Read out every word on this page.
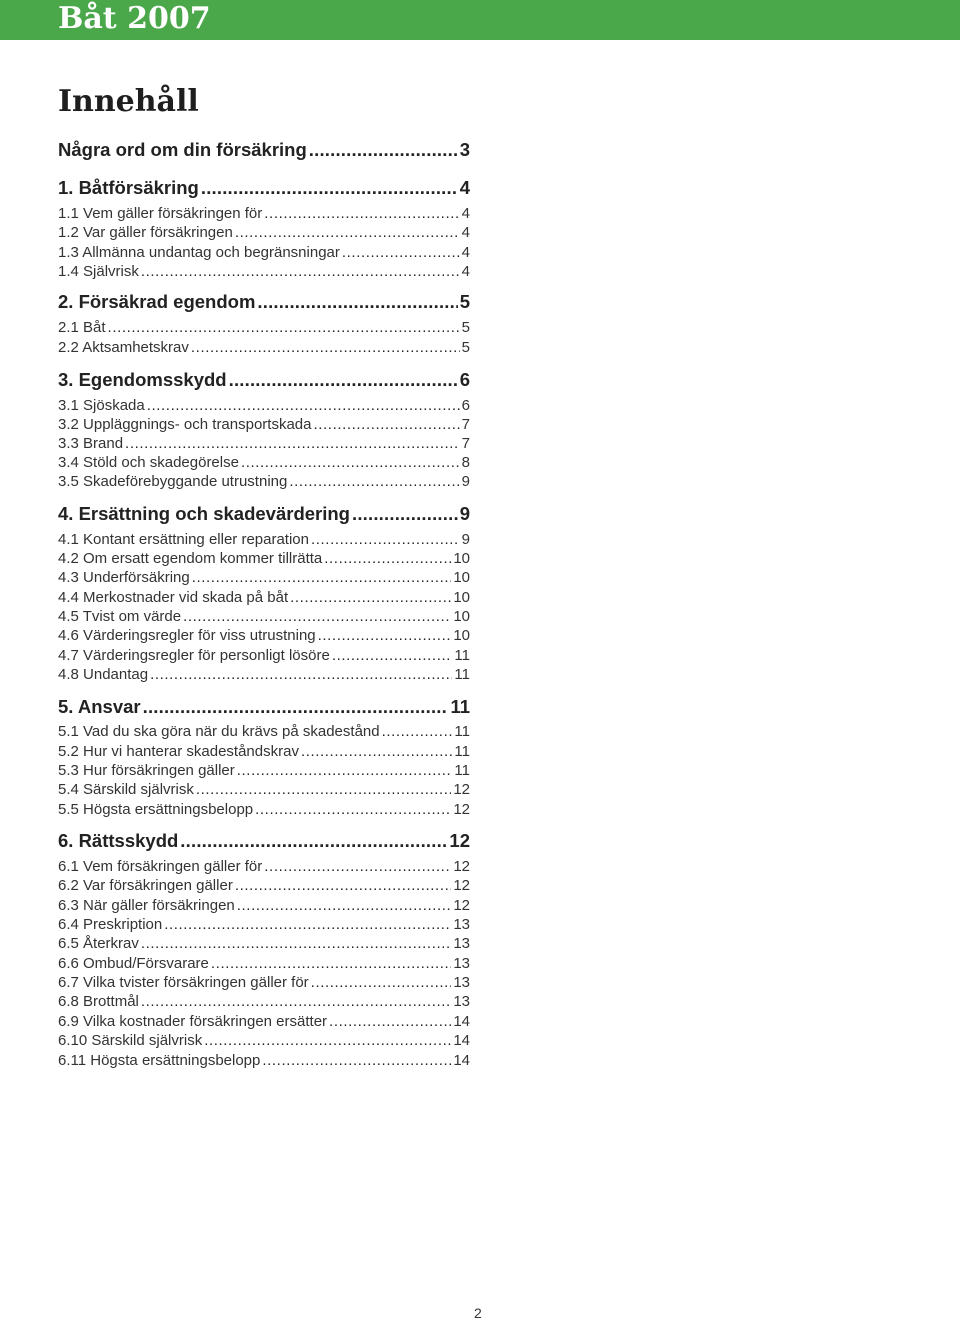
Båt 2007
Innehåll
Några ord om din försäkring .....	3
1. Båtförsäkring .....	4
1.1 Vem gäller försäkringen för .....	4
1.2 Var gäller försäkringen .....	4
1.3 Allmänna undantag och begränsningar .....	4
1.4 Självrisk .....	4
2. Försäkrad egendom .....	5
2.1 Båt .....	5
2.2 Aktsamhetskrav .....	5
3. Egendomsskydd .....	6
3.1 Sjöskada .....	6
3.2 Uppläggnings- och transportskada .....	7
3.3 Brand .....	7
3.4 Stöld och skadegörelse .....	8
3.5 Skadeförebyggande utrustning .....	9
4. Ersättning och skadevärdering .....	9
4.1 Kontant ersättning eller reparation .....	9
4.2 Om ersatt egendom kommer tillrätta .....	10
4.3 Underförsäkring .....	10
4.4 Merkostnader vid skada på båt .....	10
4.5 Tvist om värde .....	10
4.6 Värderingsregler för viss utrustning .....	10
4.7 Värderingsregler för personligt lösöre .....	11
4.8 Undantag .....	11
5. Ansvar .....	11
5.1 Vad du ska göra när du krävs på skadestånd .....	11
5.2 Hur vi hanterar skadeståndskrav .....	11
5.3 Hur försäkringen gäller .....	11
5.4 Särskild självrisk .....	12
5.5 Högsta ersättningsbelopp .....	12
6. Rättsskydd .....	12
6.1 Vem försäkringen gäller för .....	12
6.2 Var försäkringen gäller .....	12
6.3 När gäller försäkringen .....	12
6.4 Preskription .....	13
6.5 Återkrav .....	13
6.6 Ombud/Försvarare .....	13
6.7 Vilka tvister försäkringen gäller för .....	13
6.8 Brottmål .....	13
6.9 Vilka kostnader försäkringen ersätter .....	14
6.10 Särskild självrisk .....	14
6.11 Högsta ersättningsbelopp .....	14
2
